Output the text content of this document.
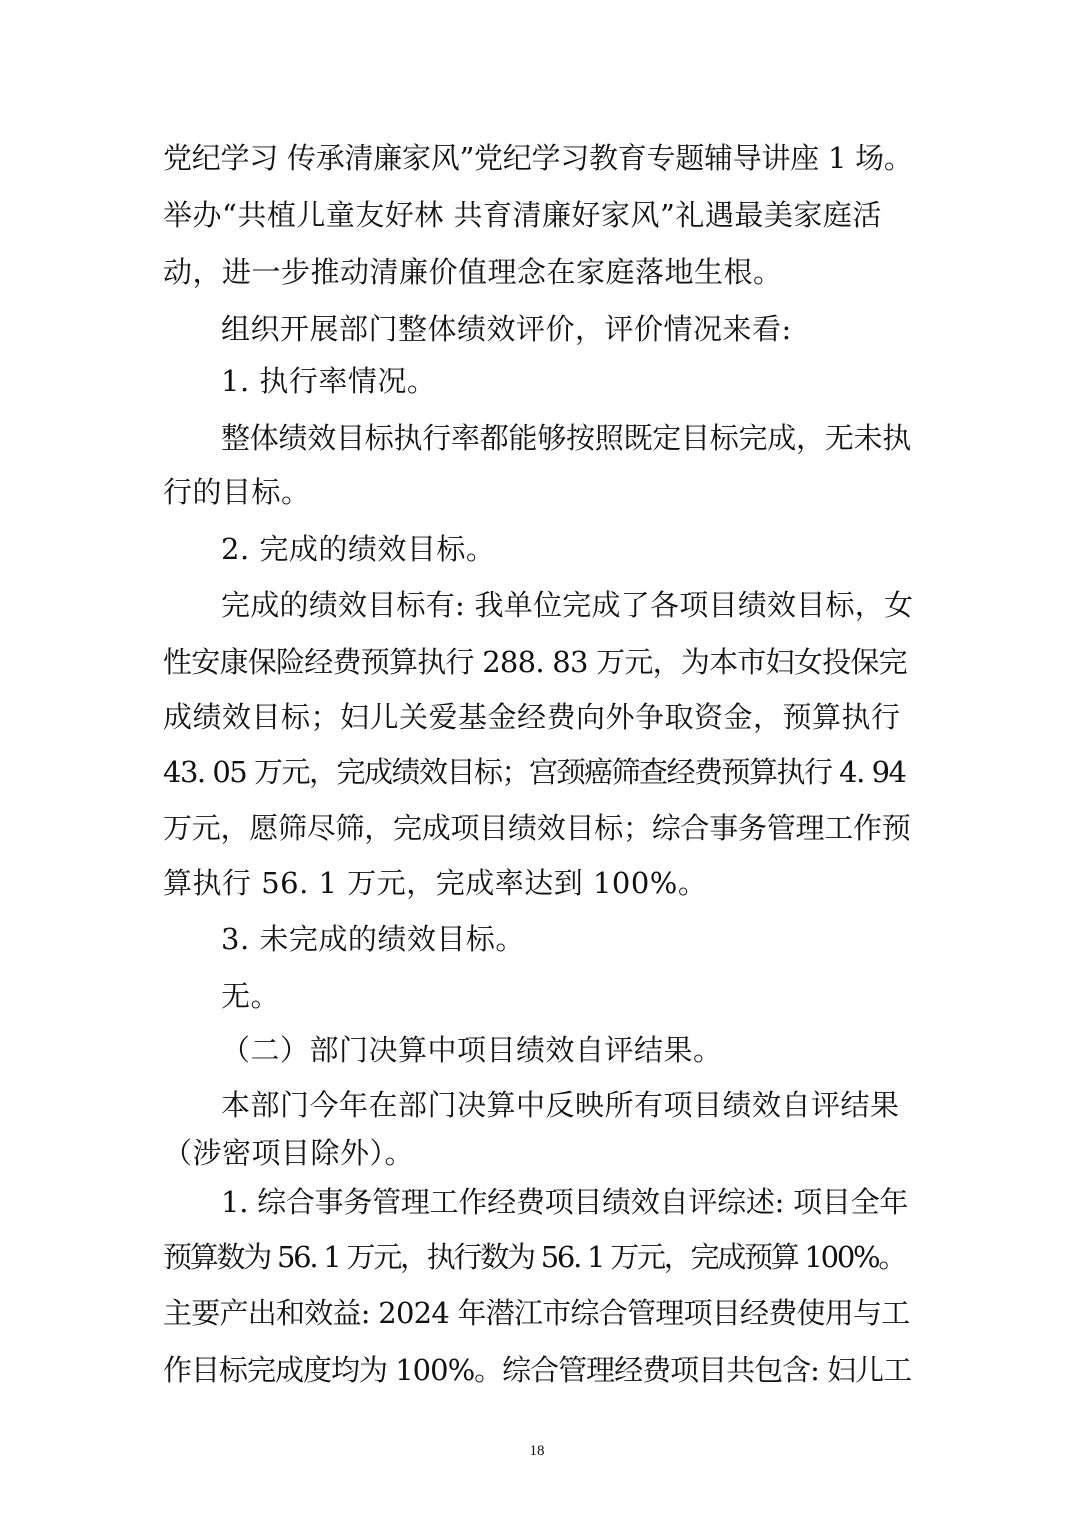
党纪学习 传承清廉家风”党纪学习教育专题辅导讲座 1 场。
举办“共植儿童友好林 共育清廉好家风”礼遇最美家庭活
动，进一步推动清廉价值理念在家庭落地生根。
组织开展部门整体绩效评价，评价情况来看:
1. 执行率情况。
整体绩效目标执行率都能够按照既定目标完成，无未执
行的目标。
2. 完成的绩效目标。
完成的绩效目标有: 我单位完成了各项目绩效目标，女
性安康保险经费预算执行 288. 83 万元，为本市妇女投保完
成绩效目标；妇儿关爱基金经费向外争取资金，预算执行
43. 05 万元，完成绩效目标；宫颈癌筛查经费预算执行 4. 94
万元，愿筛尽筛，完成项目绩效目标；综合事务管理工作预
算执行 56. 1 万元，完成率达到 100%。
3. 未完成的绩效目标。
无。
（二）部门决算中项目绩效自评结果。
本部门今年在部门决算中反映所有项目绩效自评结果
（涉密项目除外）。
1. 综合事务管理工作经费项目绩效自评综述: 项目全年
预算数为 56. 1 万元，执行数为 56. 1 万元，完成预算 100%。
主要产出和效益: 2024 年潜江市综合管理项目经费使用与工
作目标完成度均为 100%。综合管理经费项目共包含: 妇儿工
18
